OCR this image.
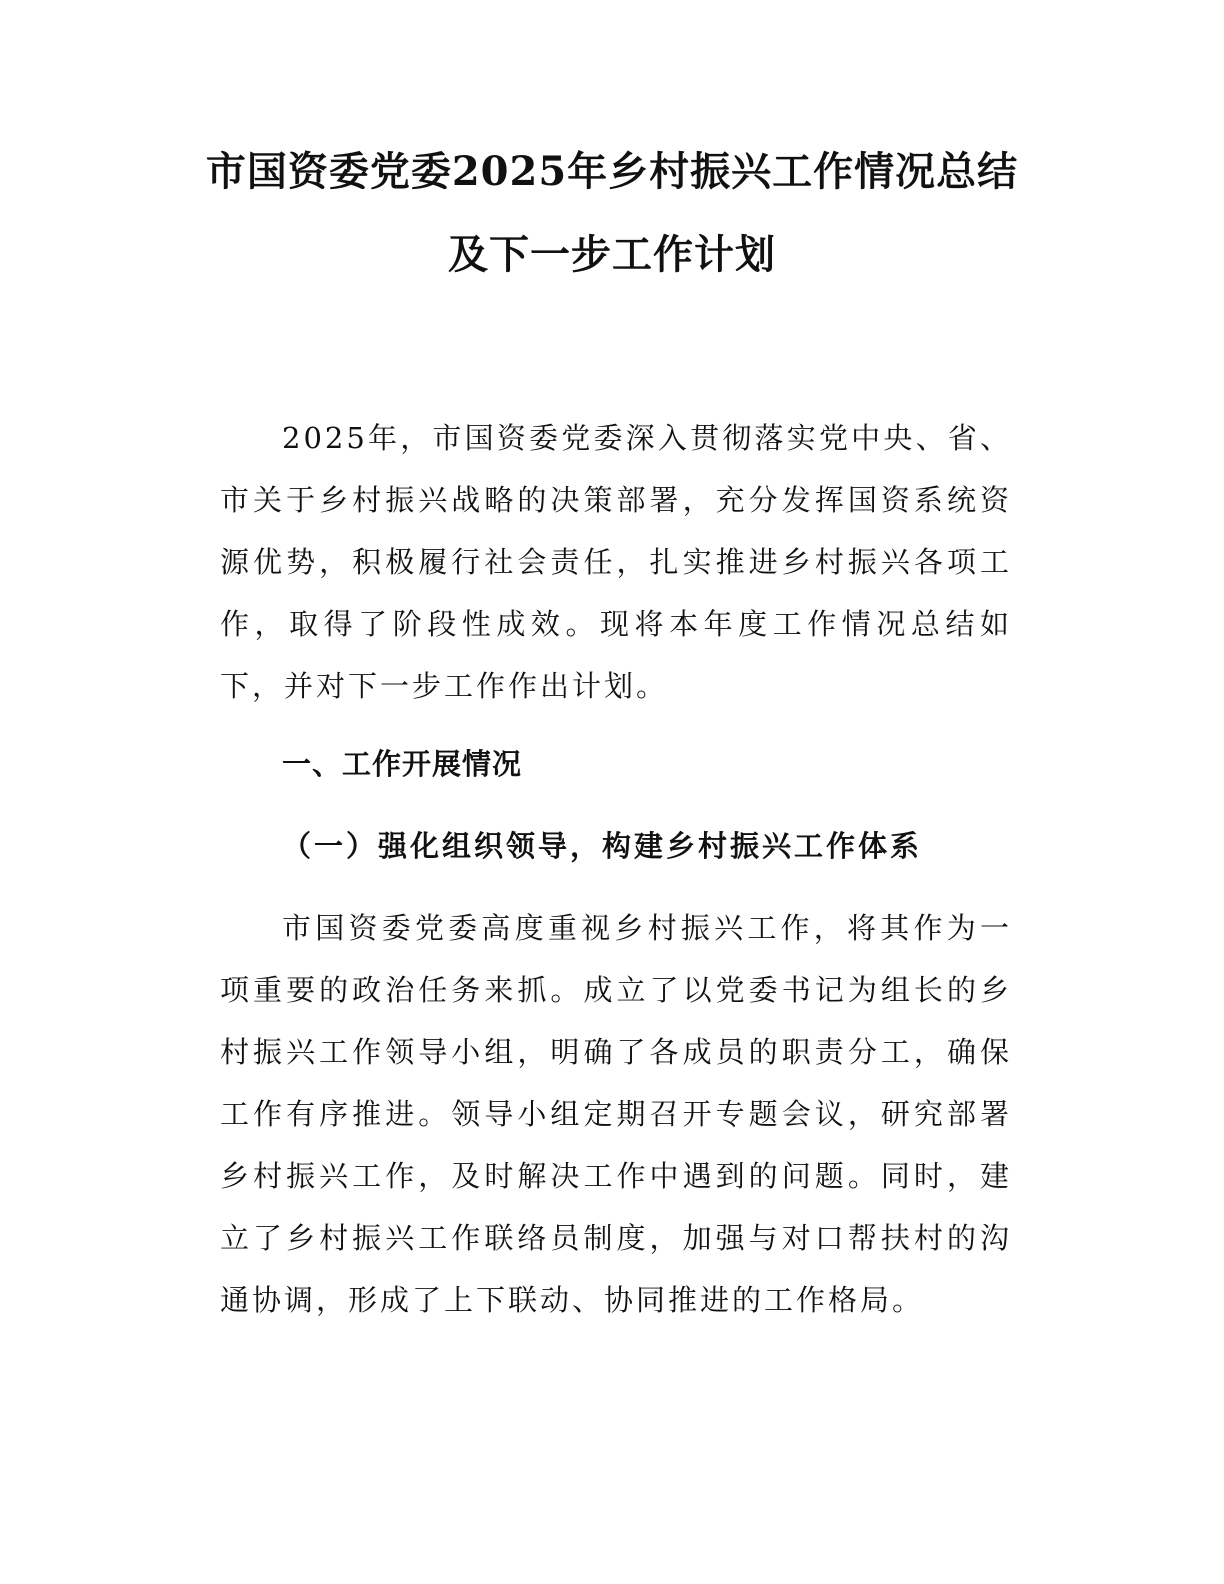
市国资委党委2025年乡村振兴工作情况总结
及下一步工作计划

2025年，市国资委党委深入贯彻落实党中央、省、市关于乡村振兴战略的决策部署，充分发挥国资系统资源优势，积极履行社会责任，扎实推进乡村振兴各项工作，取得了阶段性成效。现将本年度工作情况总结如下，并对下一步工作作出计划。

一、工作开展情况
（一）强化组织领导，构建乡村振兴工作体系

市国资委党委高度重视乡村振兴工作，将其作为一项重要的政治任务来抓。成立了以党委书记为组长的乡村振兴工作领导小组，明确了各成员的职责分工，确保工作有序推进。领导小组定期召开专题会议，研究部署乡村振兴工作，及时解决工作中遇到的问题。同时，建立了乡村振兴工作联络员制度，加强与对口帮扶村的沟通协调，形成了上下联动、协同推进的工作格局。
